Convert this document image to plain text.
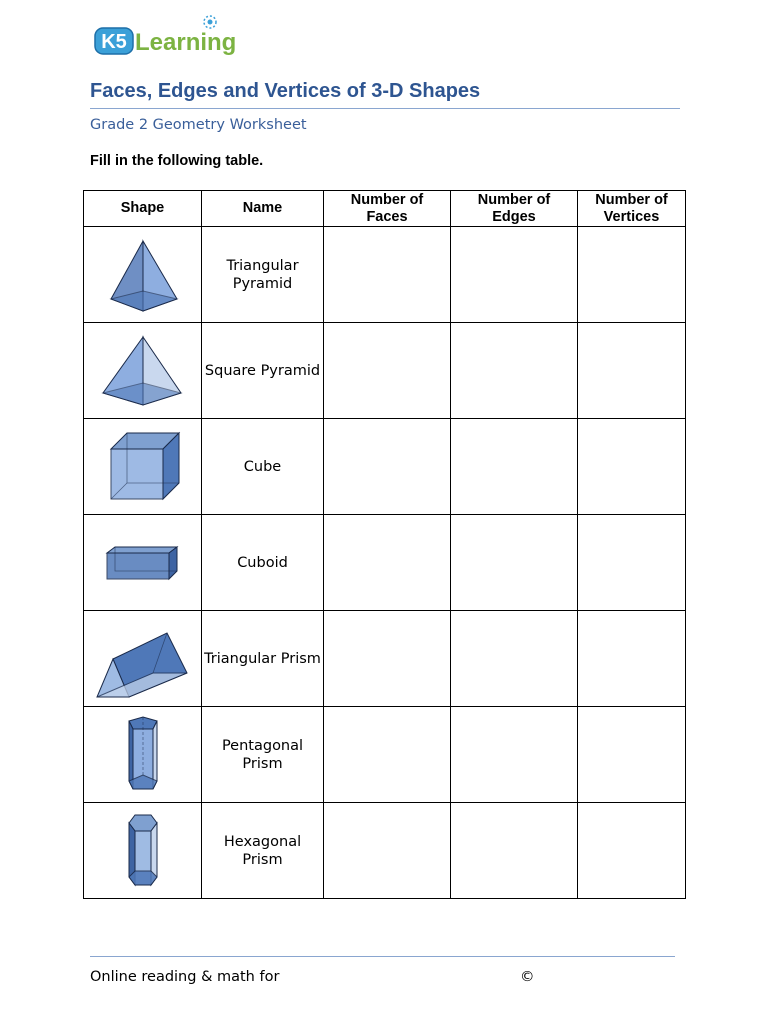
K5 Learning
Faces, Edges and Vertices of 3-D Shapes

Grade 2 Geometry Worksheet

Fill in the following table.

Shape	Name	Number of Faces	Number of Edges	Number of Vertices

	Triangular Pyramid			

	Square Pyramid			

	Cube			

	Cuboid			

	Triangular Prism			

	Pentagonal Prism			

	Hexagonal Prism			
Online reading & math for	©
